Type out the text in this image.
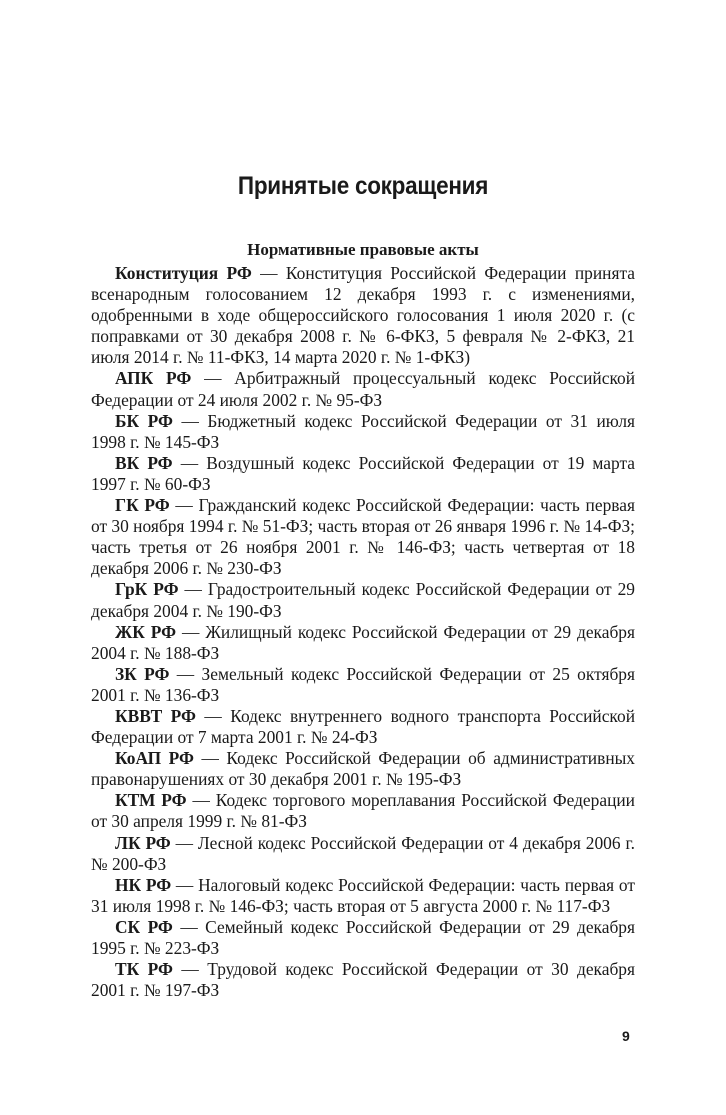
Принятые сокращения
Нормативные правовые акты

Конституция РФ — Конституция Российской Федерации принята всенародным голосованием 12 декабря 1993 г. с изменениями, одобренными в ходе общероссийского голосования 1 июля 2020 г. (с поправками от 30 декабря 2008 г. № 6-ФКЗ, 5 февраля № 2-ФКЗ, 21 июля 2014 г. № 11-ФКЗ, 14 марта 2020 г. № 1-ФКЗ)

АПК РФ — Арбитражный процессуальный кодекс Российской Федерации от 24 июля 2002 г. № 95-ФЗ

БК РФ — Бюджетный кодекс Российской Федерации от 31 июля 1998 г. № 145-ФЗ

ВК РФ — Воздушный кодекс Российской Федерации от 19 марта 1997 г. № 60-ФЗ

ГК РФ — Гражданский кодекс Российской Федерации: часть первая от 30 ноября 1994 г. № 51-ФЗ; часть вторая от 26 января 1996 г. № 14-ФЗ; часть третья от 26 ноября 2001 г. № 146-ФЗ; часть четвертая от 18 декабря 2006 г. № 230-ФЗ

ГрК РФ — Градостроительный кодекс Российской Федерации от 29 декабря 2004 г. № 190-ФЗ

ЖК РФ — Жилищный кодекс Российской Федерации от 29 декабря 2004 г. № 188-ФЗ

ЗК РФ — Земельный кодекс Российской Федерации от 25 октября 2001 г. № 136-ФЗ

КВВТ РФ — Кодекс внутреннего водного транспорта Российской Федерации от 7 марта 2001 г. № 24-ФЗ

КоАП РФ — Кодекс Российской Федерации об административных правонарушениях от 30 декабря 2001 г. № 195-ФЗ

КТМ РФ — Кодекс торгового мореплавания Российской Федерации от 30 апреля 1999 г. № 81-ФЗ

ЛК РФ — Лесной кодекс Российской Федерации от 4 декабря 2006 г. № 200-ФЗ

НК РФ — Налоговый кодекс Российской Федерации: часть первая от 31 июля 1998 г. № 146-ФЗ; часть вторая от 5 августа 2000 г. № 117-ФЗ

СК РФ — Семейный кодекс Российской Федерации от 29 декабря 1995 г. № 223-ФЗ

ТК РФ — Трудовой кодекс Российской Федерации от 30 декабря 2001 г. № 197-ФЗ

9
